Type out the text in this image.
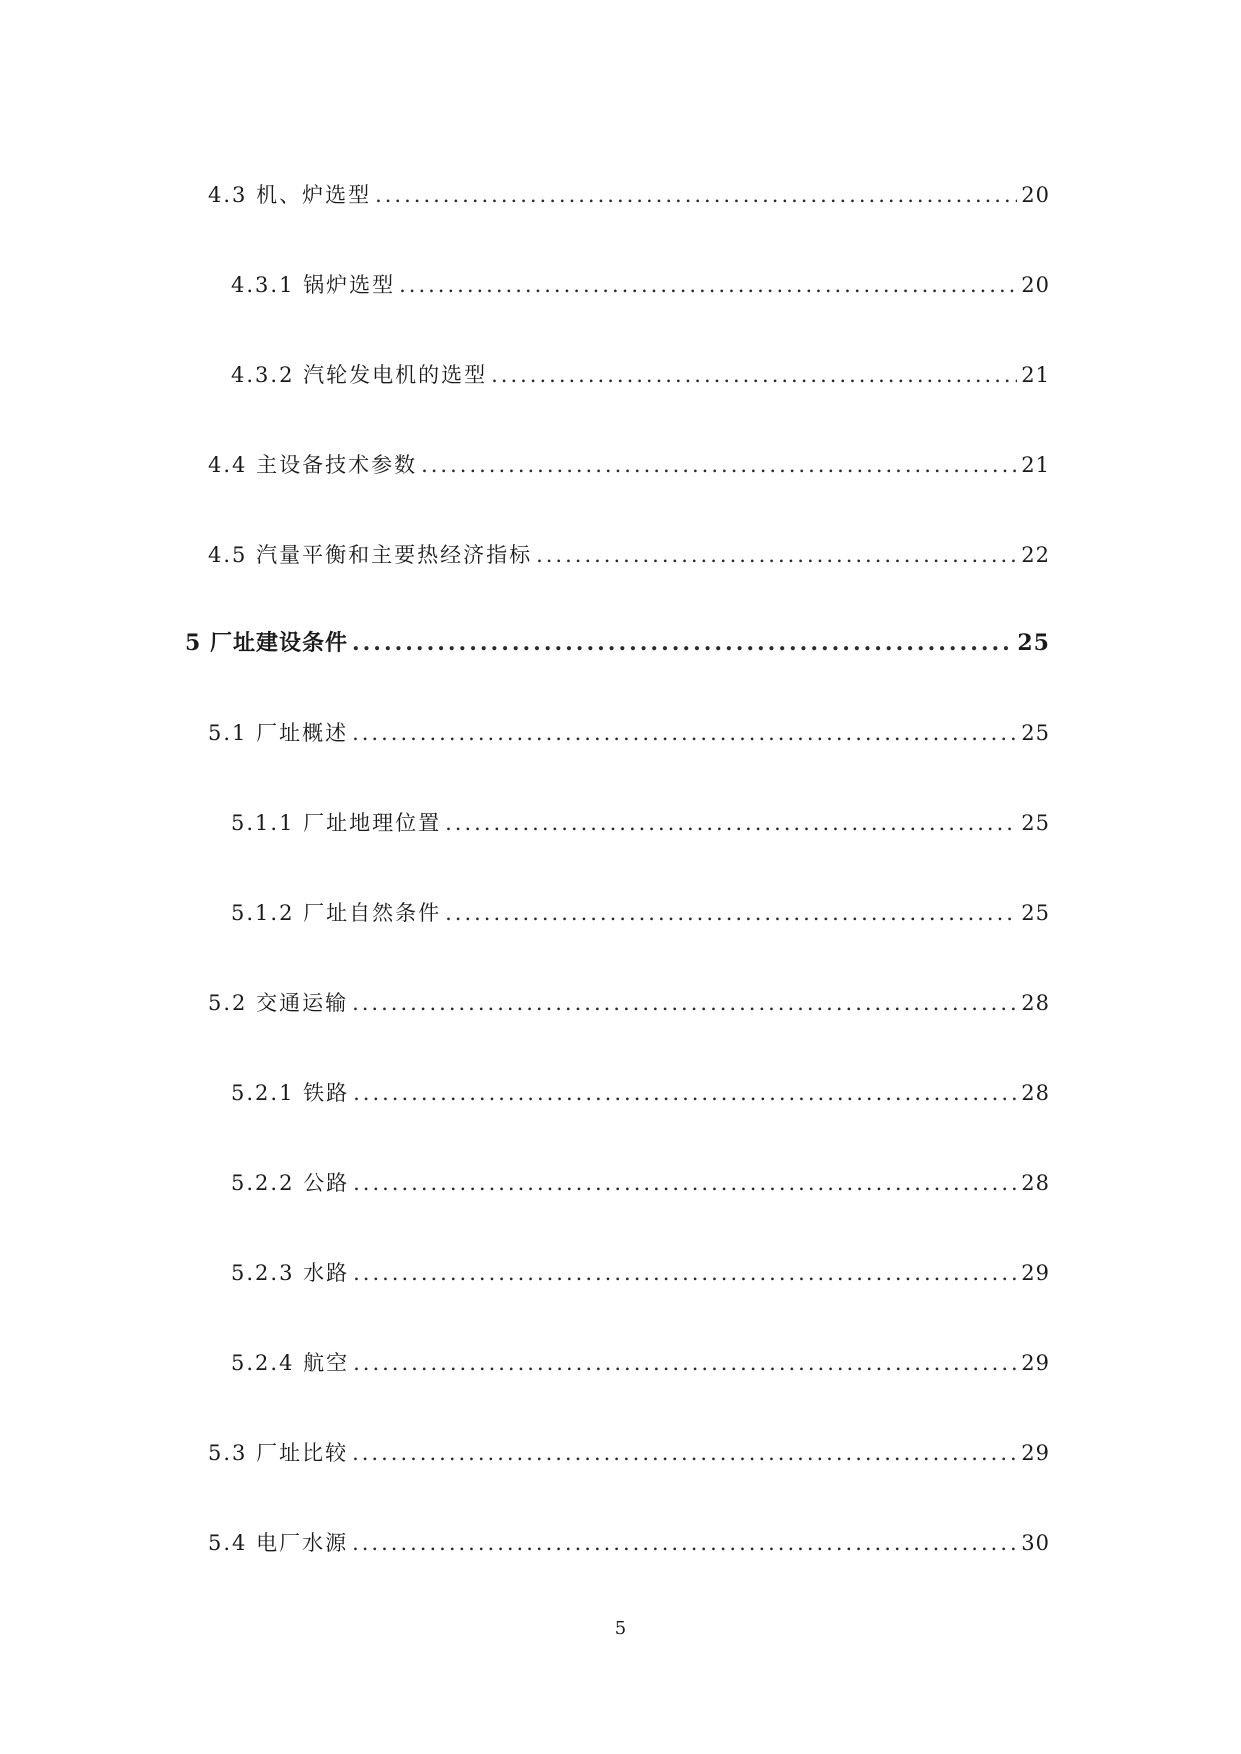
4.3 机、炉选型 .....	20
4.3.1 锅炉选型 .....	20
4.3.2 汽轮发电机的选型 .....	21
4.4 主设备技术参数 .....	21
4.5 汽量平衡和主要热经济指标 .....	22
5 厂址建设条件 .....	25
5.1 厂址概述 .....	25
5.1.1 厂址地理位置 .....	25
5.1.2 厂址自然条件 .....	25
5.2 交通运输 .....	28
5.2.1 铁路 .....	28
5.2.2 公路 .....	28
5.2.3 水路 .....	29
5.2.4 航空 .....	29
5.3 厂址比较 .....	29
5.4 电厂水源 .....	30
5
